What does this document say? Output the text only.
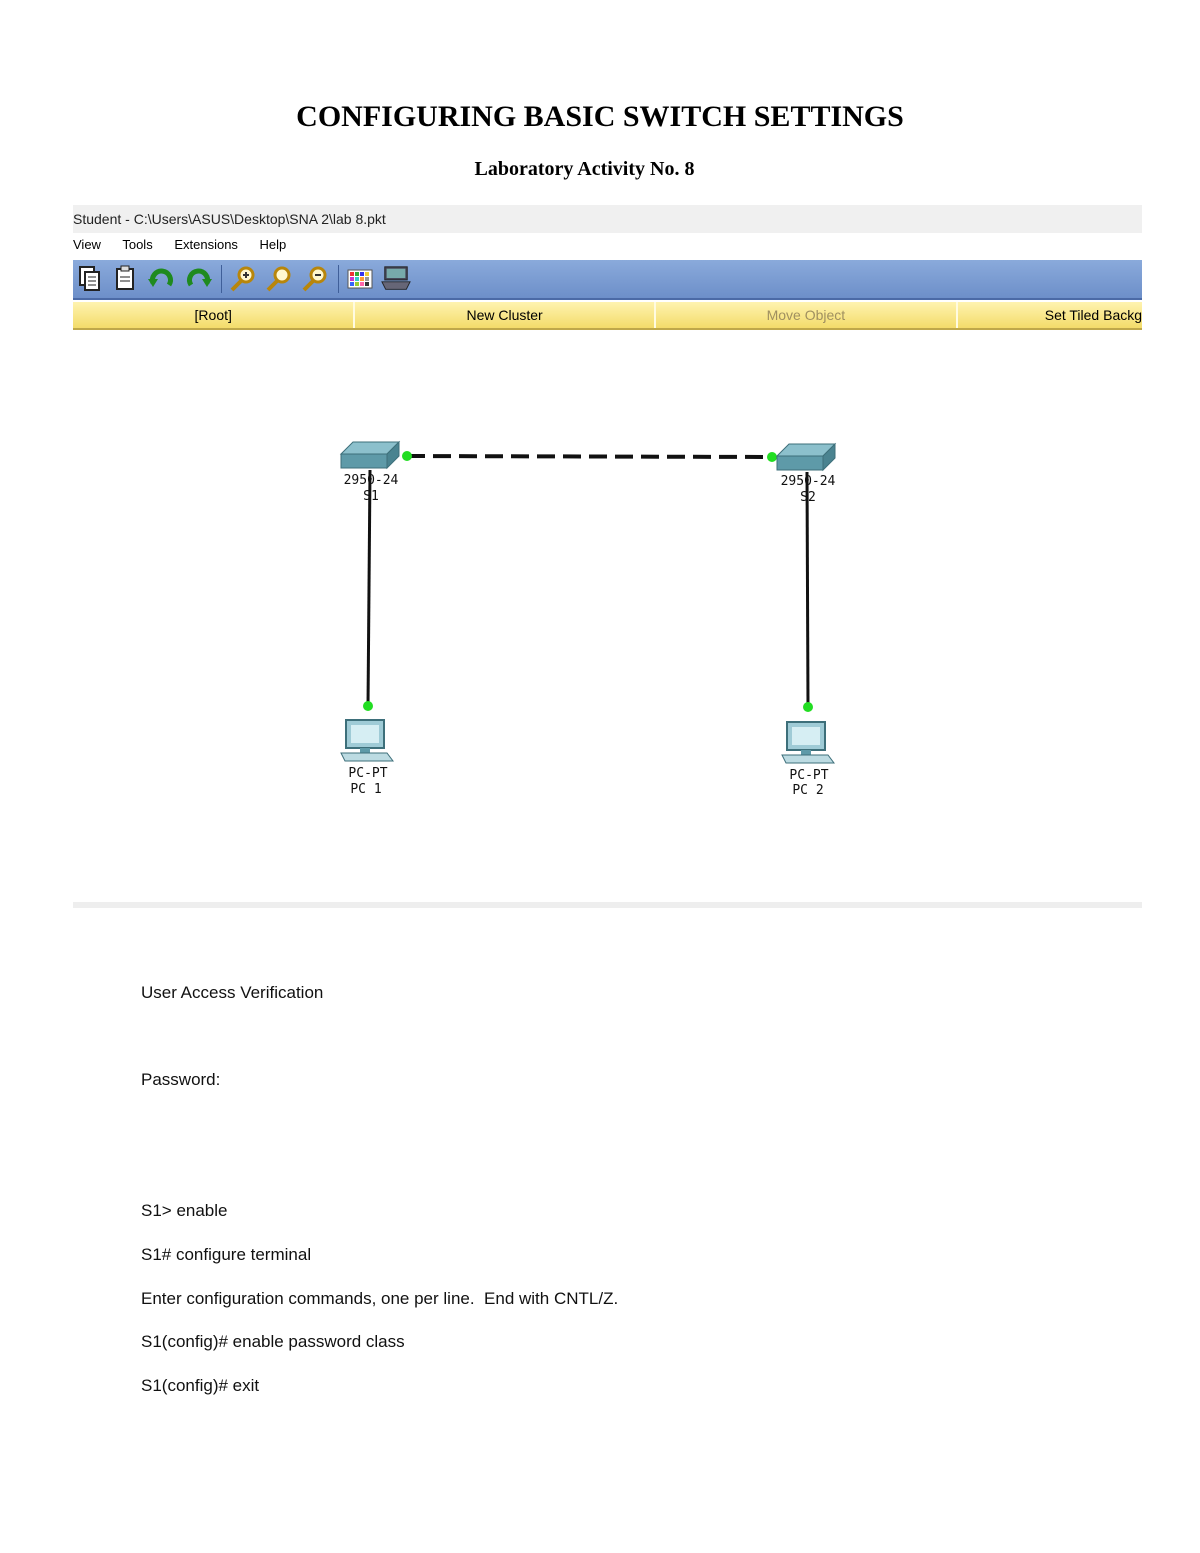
CONFIGURING BASIC SWITCH SETTINGS
Laboratory Activity No. 8
Student - C:\Users\ASUS\Desktop\SNA 2\lab 8.pkt
View Tools Extensions Help
[Root]	New Cluster	Move Object	Set Tiled Backg
2950-24
S1
2950-24
S2
PC-PT
PC 1
PC-PT
PC 2
User Access Verification
Password:
S1> enable
S1# configure terminal
Enter configuration commands, one per line.  End with CNTL/Z.
S1(config)# enable password class
S1(config)# exit
